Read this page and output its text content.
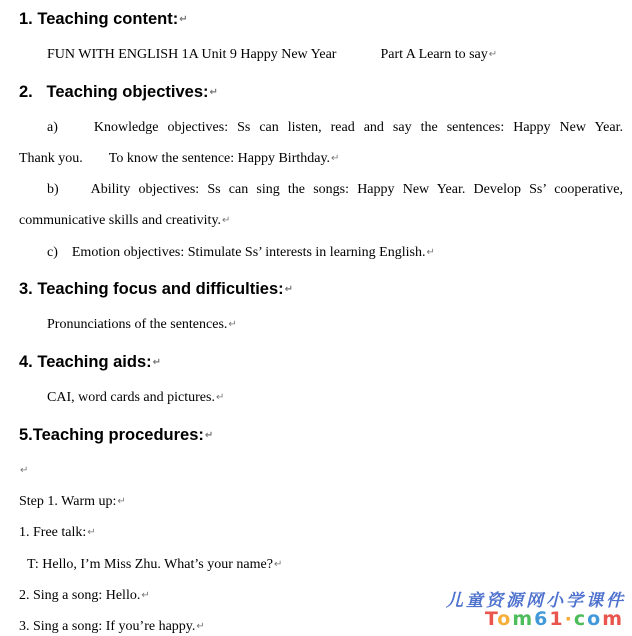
1. Teaching content:↵
FUN WITH ENGLISH 1A Unit 9 Happy New Year	Part A Learn to say↵
2.   Teaching objectives:↵
a)    Knowledge objectives: Ss can listen, read and say the sentences: Happy New Year.
Thank you. To know the sentence: Happy Birthday.↵
b)    Ability objectives: Ss can sing the songs: Happy New Year. Develop Ss’ cooperative,
communicative skills and creativity.↵
c)    Emotion objectives: Stimulate Ss’ interests in learning English.↵
3. Teaching focus and difficulties:↵
Pronunciations of the sentences.↵
4. Teaching aids:↵
CAI, word cards and pictures.↵
5.Teaching procedures:↵
↵
Step 1. Warm up:↵
1. Free talk:↵
T: Hello, I’m Miss Zhu. What’s your name?↵
2. Sing a song: Hello.↵
3. Sing a song: If you’re happy.↵
儿童资源网小学课件
Tom61·com
